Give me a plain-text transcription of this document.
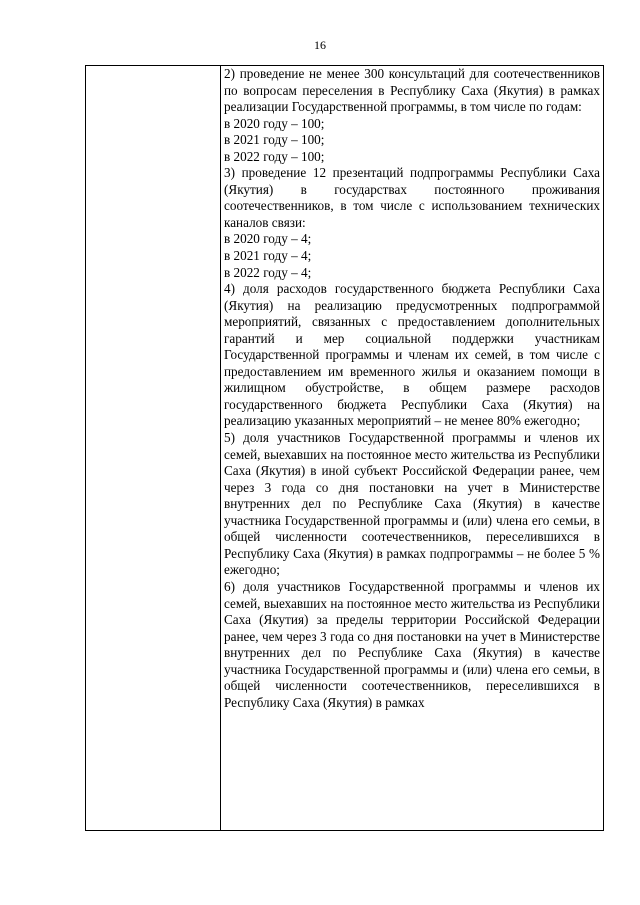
16

2) проведение не менее 300 консультаций для соотечественников по вопросам переселения в Республику Саха (Якутия) в рамках реализации Государственной программы, в том числе по годам:
в 2020 году – 100;
в 2021 году – 100;
в 2022 году – 100;
3) проведение 12 презентаций подпрограммы Республики Саха (Якутия) в государствах постоянного проживания соотечественников, в том числе с использованием технических каналов связи:
в 2020 году – 4;
в 2021 году – 4;
в 2022 году – 4;
4) доля расходов государственного бюджета Республики Саха (Якутия) на реализацию предусмотренных подпрограммой мероприятий, связанных с предоставлением дополнительных гарантий и мер социальной поддержки участникам Государственной программы и членам их семей, в том числе с предоставлением им временного жилья и оказанием помощи в жилищном обустройстве, в общем размере расходов государственного бюджета Республики Саха (Якутия) на реализацию указанных мероприятий – не менее 80% ежегодно;
5) доля участников Государственной программы и членов их семей, выехавших на постоянное место жительства из Республики Саха (Якутия) в иной субъект Российской Федерации ранее, чем через 3 года со дня постановки на учет в Министерстве внутренних дел по Республике Саха (Якутия) в качестве участника Государственной программы и (или) члена его семьи, в общей численности соотечественников, переселившихся в Республику Саха (Якутия) в рамках подпрограммы – не более 5 % ежегодно;
6) доля участников Государственной программы и членов их семей, выехавших на постоянное место жительства из Республики Саха (Якутия) за пределы территории Российской Федерации ранее, чем через 3 года со дня постановки на учет в Министерстве внутренних дел по Республике Саха (Якутия) в качестве участника Государственной программы и (или) члена его семьи, в общей численности соотечественников, переселившихся в Республику Саха (Якутия) в рамках
